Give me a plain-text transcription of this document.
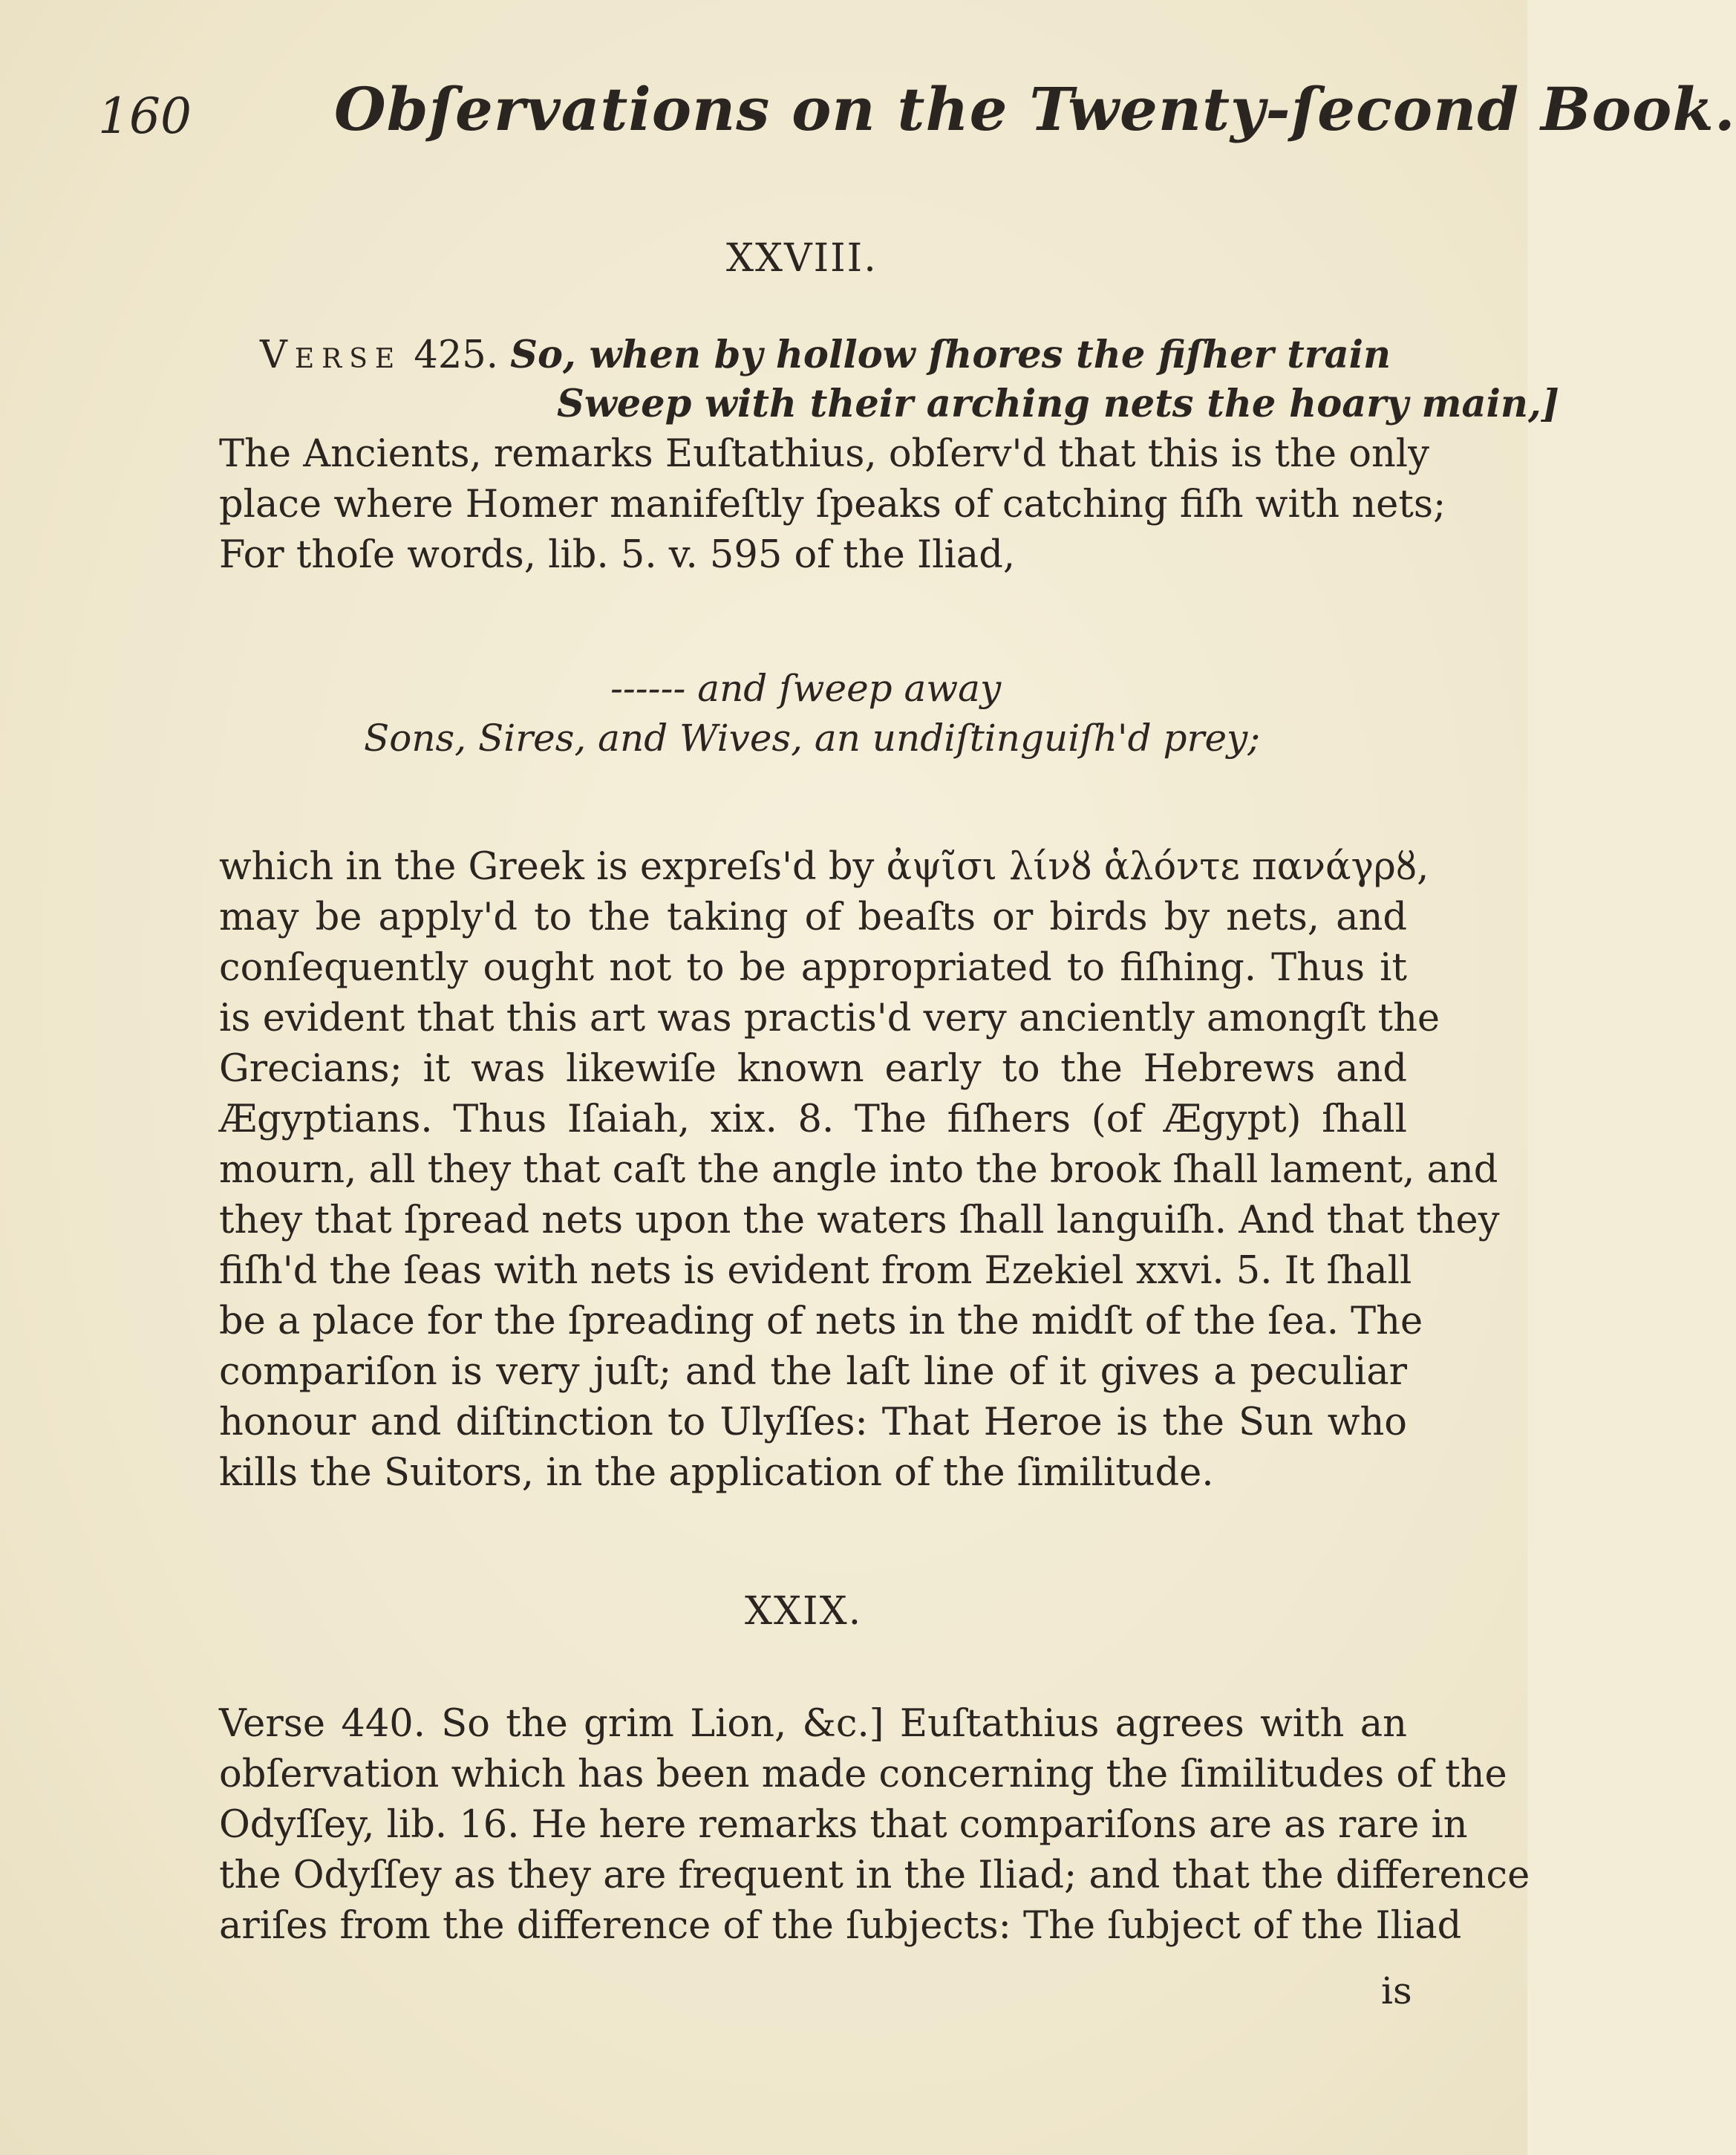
160 Obſervations on the Twenty-ſecond Book.
XXVIII.
Verse 425. So, when by hollow ſhores the fiſher train
Sweep with their arching nets the hoary main,]
The Ancients, remarks Euſtathius, obſerv'd that this is the only
place where Homer manifeſtly ſpeaks of catching fiſh with nets;
For thoſe words, lib. 5. v. 595 of the Iliad,
------ and ſweep away
Sons, Sires, and Wives, an undiſtinguiſh'd prey;
which in the Greek is expreſs'd by ἀψῖσι λίνȣ ἁλόντε πανάγρȣ,
may be apply'd to the taking of beaſts or birds by nets, and
conſequently ought not to be appropriated to fiſhing. Thus it
is evident that this art was practis'd very anciently amongſt the
Grecians; it was likewiſe known early to the Hebrews and
Ægyptians. Thus Iſaiah, xix. 8. The fiſhers (of Ægypt) ſhall
mourn, all they that caſt the angle into the brook ſhall lament, and
they that ſpread nets upon the waters ſhall languiſh. And that they
fiſh'd the ſeas with nets is evident from Ezekiel xxvi. 5. It ſhall
be a place for the ſpreading of nets in the midſt of the ſea. The
compariſon is very juſt; and the laſt line of it gives a peculiar
honour and diſtinction to Ulyſſes: That Heroe is the Sun who
kills the Suitors, in the application of the ſimilitude.
XXIX.
Verse 440. So the grim Lion, &c.] Euſtathius agrees with an
obſervation which has been made concerning the ſimilitudes of the
Odyſſey, lib. 16. He here remarks that compariſons are as rare in
the Odyſſey as they are frequent in the Iliad; and that the difference
ariſes from the difference of the ſubjects: The ſubject of the Iliad
is
